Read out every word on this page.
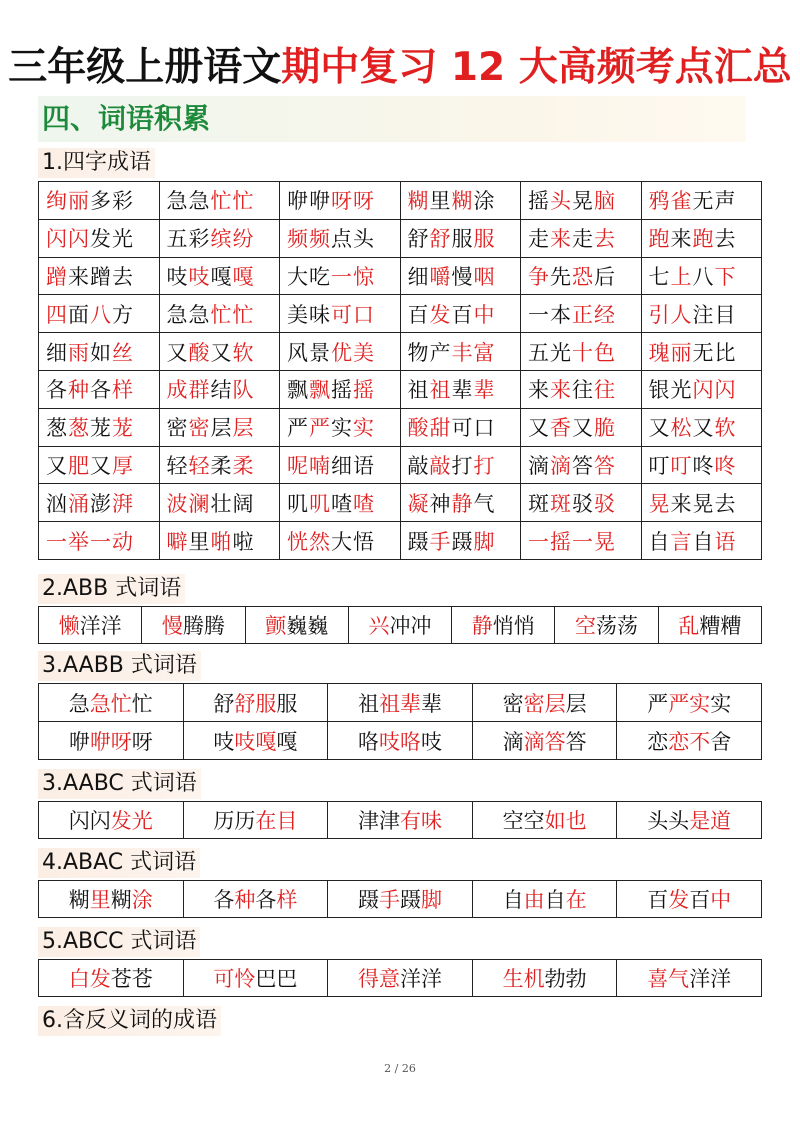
三年级上册语文期中复习 12 大高频考点汇总
四、词语积累
1.四字成语
绚丽多彩	急急忙忙	咿咿呀呀	糊里糊涂	摇头晃脑	鸦雀无声
闪闪发光	五彩缤纷	频频点头	舒舒服服	走来走去	跑来跑去
蹭来蹭去	吱吱嘎嘎	大吃一惊	细嚼慢咽	争先恐后	七上八下
四面八方	急急忙忙	美味可口	百发百中	一本正经	引人注目
细雨如丝	又酸又软	风景优美	物产丰富	五光十色	瑰丽无比
各种各样	成群结队	飘飘摇摇	祖祖辈辈	来来往往	银光闪闪
葱葱茏茏	密密层层	严严实实	酸甜可口	又香又脆	又松又软
又肥又厚	轻轻柔柔	呢喃细语	敲敲打打	滴滴答答	叮叮咚咚
汹涌澎湃	波澜壮阔	叽叽喳喳	凝神静气	斑斑驳驳	晃来晃去
一举一动	噼里啪啦	恍然大悟	蹑手蹑脚	一摇一晃	自言自语
2.ABB 式词语
懒洋洋	慢腾腾	颤巍巍	兴冲冲	静悄悄	空荡荡	乱糟糟
3.AABB 式词语
急急忙忙	舒舒服服	祖祖辈辈	密密层层	严严实实
咿咿呀呀	吱吱嘎嘎	咯吱咯吱	滴滴答答	恋恋不舍
3.AABC 式词语
闪闪发光	历历在目	津津有味	空空如也	头头是道
4.ABAC 式词语
糊里糊涂	各种各样	蹑手蹑脚	自由自在	百发百中
5.ABCC 式词语
白发苍苍	可怜巴巴	得意洋洋	生机勃勃	喜气洋洋
6.含反义词的成语
2 / 26
